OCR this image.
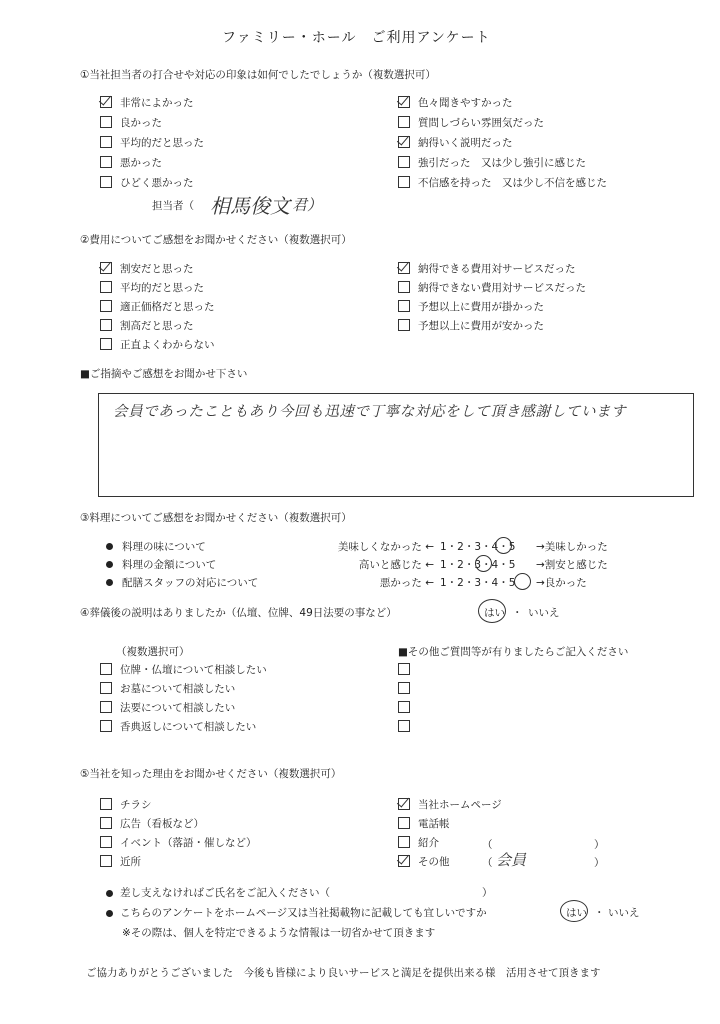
ファミリー・ホール　ご利用アンケート
①当社担当者の打合せや対応の印象は如何でしたでしょうか（複数選択可）
非常によかった
良かった
平均的だと思った
悪かった
ひどく悪かった
色々聞きやすかった
質問しづらい雰囲気だった
納得いく説明だった
強引だった　又は少し強引に感じた
不信感を持った　又は少し不信を感じた
担当者（ 相馬俊文 君）
②費用についてご感想をお聞かせください（複数選択可）
割安だと思った
平均的だと思った
適正価格だと思った
割高だと思った
正直よくわからない
納得できる費用対サービスだった
納得できない費用対サービスだった
予想以上に費用が掛かった
予想以上に費用が安かった
■ご指摘やご感想をお聞かせ下さい
会員であったこともあり今回も迅速で丁寧な対応をして頂き感謝しています
③料理についてご感想をお聞かせください（複数選択可）
料理の味について	美味しくなかった ← 1・2・3・4・5 →美味しかった
料理の金額について	高いと感じた ← 1・2・3・4・5 →割安と感じた
配膳スタッフの対応について	悪かった ← 1・2・3・4・5 →良かった
④葬儀後の説明はありましたか（仏壇、位牌、49日法要の事など）	はい ・ いいえ
（複数選択可）
位牌・仏壇について相談したい
お墓について相談したい
法要について相談したい
香典返しについて相談したい
■その他ご質問等が有りましたらご記入ください
⑤当社を知った理由をお聞かせください（複数選択可）
チラシ
広告（看板など）
イベント（落語・催しなど）
近所
当社ホームページ
電話帳
紹介
その他
（	）
（ 会員	）
差し支えなければご氏名をご記入ください（	）
こちらのアンケートをホームページ又は当社掲載物に記載しても宜しいですか	はい ・ いいえ
※その際は、個人を特定できるような情報は一切省かせて頂きます
ご協力ありがとうございました　今後も皆様により良いサービスと満足を提供出来る様　活用させて頂きます
